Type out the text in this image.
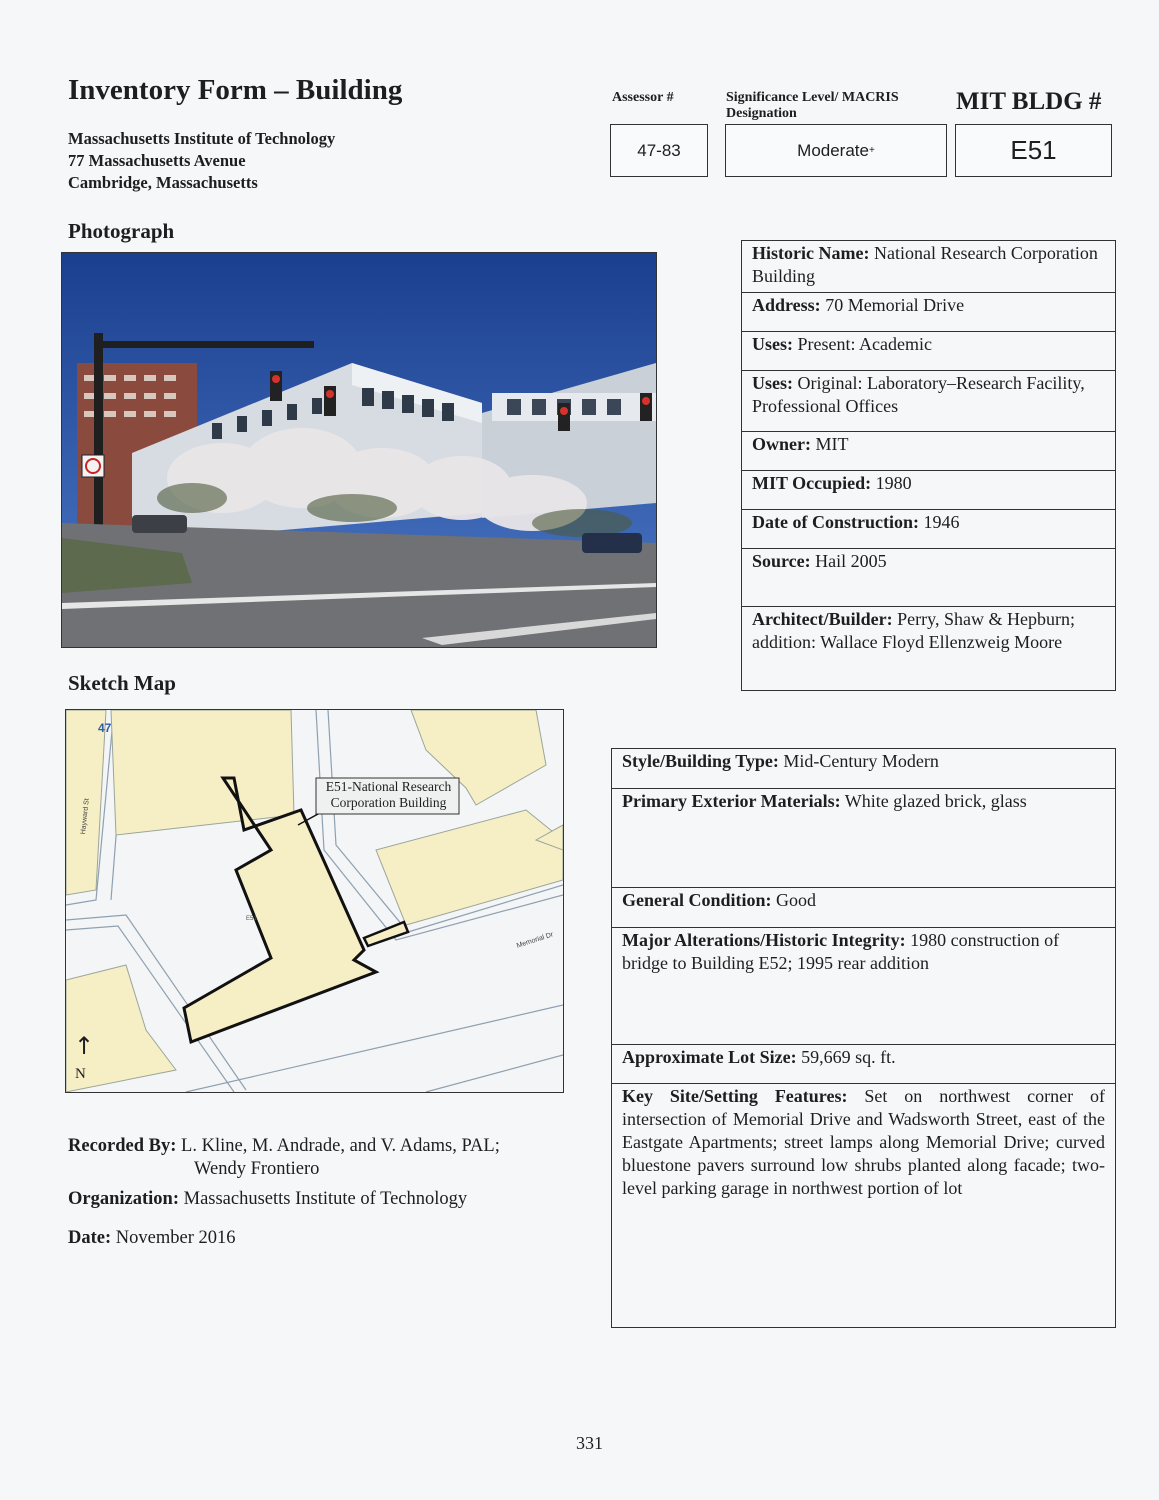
Inventory Form – Building
Massachusetts Institute of Technology
77 Massachusetts Avenue
Cambridge, Massachusetts
Assessor #
47-83
Significance Level/ MACRIS
Designation
Moderate +
MIT BLDG #
E51
Photograph
Sketch Map
E51
E51-National Research
Corporation Building
47
Hayward St
Memorial Dr
↑
N
Historic Name: National Research Corporation Building
Address: 70 Memorial Drive
Uses: Present: Academic
Uses: Original: Laboratory–Research Facility, Professional Offices
Owner: MIT
MIT Occupied: 1980
Date of Construction: 1946
Source: Hail 2005
Architect/Builder: Perry, Shaw & Hepburn; addition: Wallace Floyd Ellenzweig Moore
Style/Building Type: Mid-Century Modern
Primary Exterior Materials: White glazed brick, glass
General Condition: Good
Major Alterations/Historic Integrity: 1980 construction of bridge to Building E52; 1995 rear addition
Approximate Lot Size: 59,669 sq. ft.
Key Site/Setting Features: Set on northwest corner of intersection of Memorial Drive and Wadsworth Street, east of the Eastgate Apartments; street lamps along Memorial Drive; curved bluestone pavers surround low shrubs planted along facade; two-level parking garage in northwest portion of lot
Recorded By: L. Kline, M. Andrade, and V. Adams, PAL;
Wendy Frontiero
Organization: Massachusetts Institute of Technology
Date: November 2016
331
